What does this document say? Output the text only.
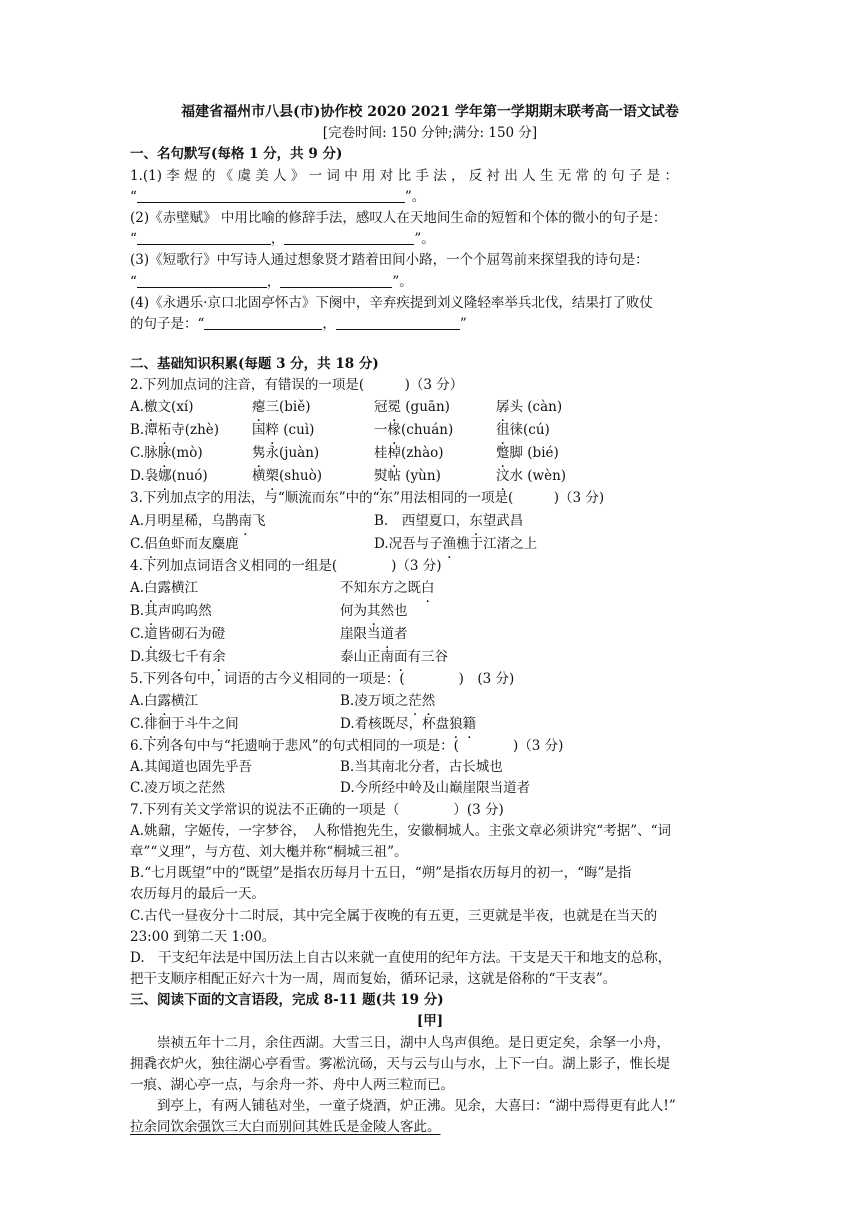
福建省福州市八县(市)协作校 2020 2021 学年第一学期期末联考高一语文试卷
[完卷时间: 150 分钟;满分: 150 分]
一、名句默写(每格 1 分，共 9 分)
1.(1) 李 煜 的 《 虞 美 人 》 一 词 中 用 对 比 手 法 ， 反 衬 出 人 生 无 常 的 句 子 是 ：
“	”。
(2)《赤壁赋》 中用比喻的修辞手法，感叹人在天地间生命的短暂和个体的微小的句子是：
“	，	”。
(3)《短歌行》中写诗人通过想象贤才踏着田间小路，一个个屈驾前来探望我的诗句是：
“	，	”。
(4)《永遇乐·京口北固亭怀古》下阕中，辛弃疾提到刘义隆轻率举兵北伐，结果打了败仗
的句子是：“	，	”
二、基础知识积累(每题 3 分，共 18 分)
2.下列加点词的注音，有错误的一项是(　　　)（3 分）
A.檄文(xí)	瘪三(biě)	冠冕 (guān)	孱头 (càn)
B.潭柘寺(zhè)	国粹 (cuì)	一椽(chuán)	徂徕(cú)
C.脉脉(mò)	隽永(juàn)	桂棹(zhào)	蹩脚 (bié)
D.袅娜(nuó)	横槊(shuò)	熨帖 (yùn)	汶水 (wèn)
3.下列加点字的用法，与“顺流而东”中的“东”用法相同的一项是(　　　)（3 分)
A.月明星稀，乌鹊南飞	B.　西望夏口，东望武昌
C.侣鱼虾而友麋鹿	D.况吾与子渔樵于江渚之上
4.下列加点词语含义相同的一组是(　　　　)（3 分)
A.白露横江	不知东方之既白
B.其声呜呜然	何为其然也
C.道皆砌石为磴	崖限当道者
D.其级七千有余	泰山正南面有三谷
5.下列各句中，词语的古今义相同的一项是：(　　　　)　(3 分)
A.白露横江	B.凌万顷之茫然
C.徘徊于斗牛之间	D.肴核既尽，杯盘狼籍
6.下列各句中与“托遗响于悲风”的句式相同的一项是：(　　　　)（3 分)
A.其闻道也固先乎吾	B.当其南北分者，古长城也
C.凌万顷之茫然	D.今所经中岭及山巅崖限当道者
7.下列有关文学常识的说法不正确的一项是（　　　　）(3 分)
A.姚鼐，字姬传，一字梦谷，　人称惜抱先生，安徽桐城人。主张文章必须讲究“考据”、“词
章”“义理”，与方苞、刘大櫆并称“桐城三祖”。
B.“七月既望”中的“既望”是指农历每月十五日，“朔”是指农历每月的初一，“晦”是指
农历每月的最后一天。
C.古代一昼夜分十二时辰，其中完全属于夜晚的有五更，三更就是半夜，也就是在当天的
23:00 到第二天 1:00。
D.　干支纪年法是中国历法上自古以来就一直使用的纪年方法。干支是天干和地支的总称，
把干支顺序相配正好六十为一周，周而复始，循环记录，这就是俗称的“干支表”。
三、阅读下面的文言语段，完成 8-11 题(共 19 分)
[甲]
崇祯五年十二月，余住西湖。大雪三日，湖中人鸟声俱绝。是日更定矣，余拏一小舟，
拥毳衣炉火，独往湖心亭看雪。雾凇沆砀，天与云与山与水，上下一白。湖上影子，惟长堤
一痕、湖心亭一点，与余舟一芥、舟中人两三粒而已。
到亭上，有两人铺毡对坐，一童子烧酒，炉正沸。见余，大喜曰：“湖中焉得更有此人!”
拉余同饮余强饮三大白而别问其姓氏是金陵人客此。
